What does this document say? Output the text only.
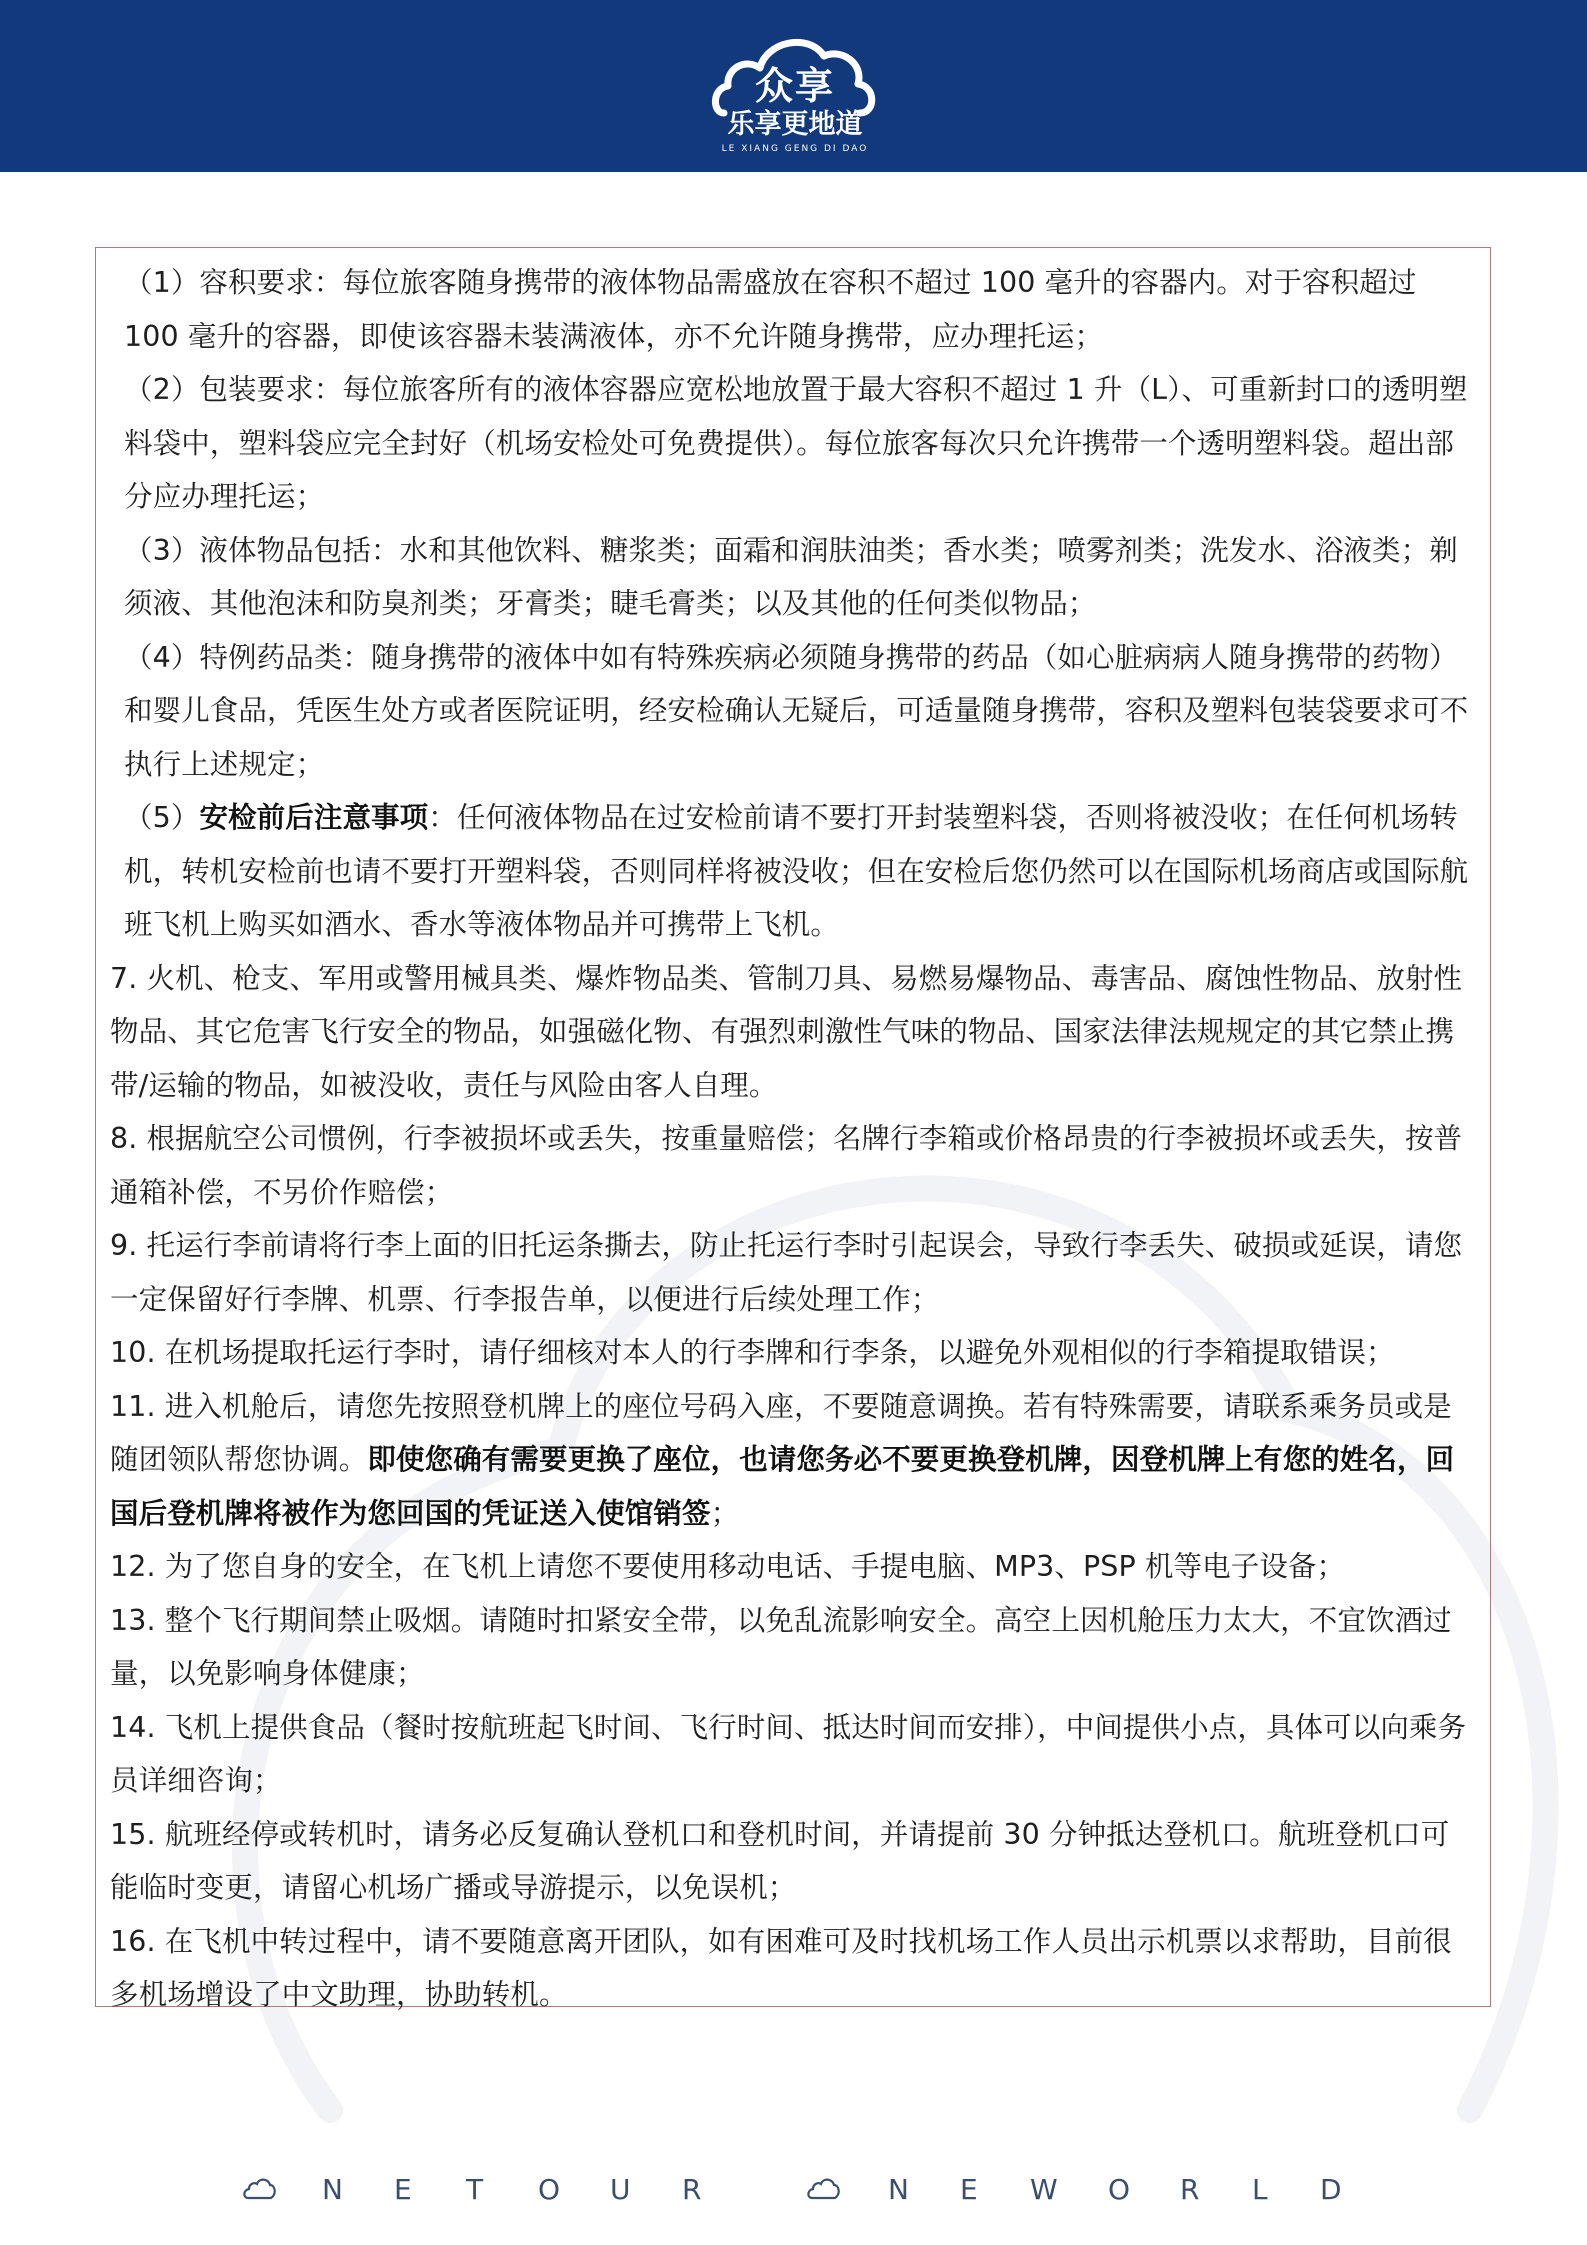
众享
乐享更地道
LE XIANG GENG DI DAO

（1）容积要求：每位旅客随身携带的液体物品需盛放在容积不超过 100 毫升的容器内。对于容积超过 100 毫升的容器，即使该容器未装满液体，亦不允许随身携带，应办理托运；

（2）包装要求：每位旅客所有的液体容器应宽松地放置于最大容积不超过 1 升（L）、可重新封口的透明塑料袋中，塑料袋应完全封好（机场安检处可免费提供）。每位旅客每次只允许携带一个透明塑料袋。超出部分应办理托运；

（3）液体物品包括：水和其他饮料、糖浆类；面霜和润肤油类；香水类；喷雾剂类；洗发水、浴液类；剃须液、其他泡沫和防臭剂类；牙膏类；睫毛膏类；以及其他的任何类似物品；

（4）特例药品类：随身携带的液体中如有特殊疾病必须随身携带的药品（如心脏病病人随身携带的药物）和婴儿食品，凭医生处方或者医院证明，经安检确认无疑后，可适量随身携带，容积及塑料包装袋要求可不执行上述规定；

（5）安检前后注意事项：任何液体物品在过安检前请不要打开封装塑料袋，否则将被没收；在任何机场转机，转机安检前也请不要打开塑料袋，否则同样将被没收；但在安检后您仍然可以在国际机场商店或国际航班飞机上购买如酒水、香水等液体物品并可携带上飞机。

7. 火机、枪支、军用或警用械具类、爆炸物品类、管制刀具、易燃易爆物品、毒害品、腐蚀性物品、放射性物品、其它危害飞行安全的物品，如强磁化物、有强烈刺激性气味的物品、国家法律法规规定的其它禁止携带/运输的物品，如被没收，责任与风险由客人自理。

8. 根据航空公司惯例，行李被损坏或丢失，按重量赔偿；名牌行李箱或价格昂贵的行李被损坏或丢失，按普通箱补偿，不另价作赔偿；

9. 托运行李前请将行李上面的旧托运条撕去，防止托运行李时引起误会，导致行李丢失、破损或延误，请您一定保留好行李牌、机票、行李报告单，以便进行后续处理工作；

10. 在机场提取托运行李时，请仔细核对本人的行李牌和行李条，以避免外观相似的行李箱提取错误；

11. 进入机舱后，请您先按照登机牌上的座位号码入座，不要随意调换。若有特殊需要，请联系乘务员或是随团领队帮您协调。即使您确有需要更换了座位，也请您务必不要更换登机牌，因登机牌上有您的姓名，回国后登机牌将被作为您回国的凭证送入使馆销签；

12. 为了您自身的安全，在飞机上请您不要使用移动电话、手提电脑、MP3、PSP 机等电子设备；

13. 整个飞行期间禁止吸烟。请随时扣紧安全带，以免乱流影响安全。高空上因机舱压力太大，不宜饮酒过量，以免影响身体健康；

14. 飞机上提供食品（餐时按航班起飞时间、飞行时间、抵达时间而安排），中间提供小点，具体可以向乘务员详细咨询；

15. 航班经停或转机时，请务必反复确认登机口和登机时间，并请提前 30 分钟抵达登机口。航班登机口可能临时变更，请留心机场广播或导游提示，以免误机；

16. 在飞机中转过程中，请不要随意离开团队，如有困难可及时找机场工作人员出示机票以求帮助，目前很多机场增设了中文助理，协助转机。

N E T O U R	N E W O R L D
